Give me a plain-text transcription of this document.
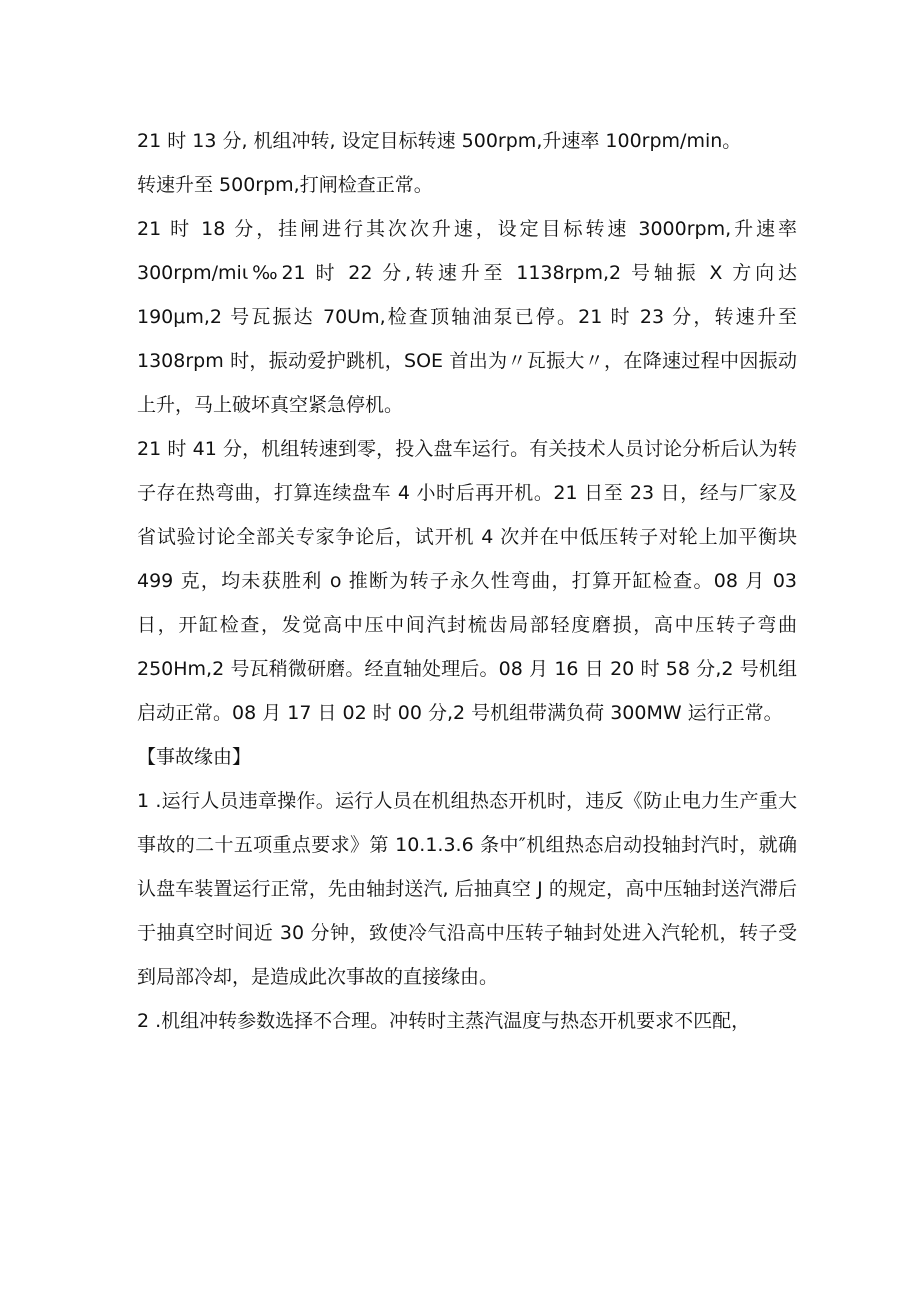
21 时 13 分, 机组冲转, 设定目标转速 500rpm,升速率 100rpm/min。

转速升至 500rpm,打闸检查正常。

21 时 18 分，挂闸进行其次次升速，设定目标转速 3000rpm,升速率 300rpm/miι‰21 时 22 分,转速升至 1138rpm,2 号轴振 X 方向达 190μm,2 号瓦振达 70Um,检查顶轴油泵已停。21 时 23 分，转速升至 1308rpm 时，振动爱护跳机，SOE 首出为〃瓦振大〃，在降速过程中因振动上升，马上破坏真空紧急停机。

21 时 41 分，机组转速到零，投入盘车运行。有关技术人员讨论分析后认为转子存在热弯曲，打算连续盘车 4 小时后再开机。21 日至 23 日，经与厂家及省试验讨论全部关专家争论后，试开机 4 次并在中低压转子对轮上加平衡块 499 克，均未获胜利 o 推断为转子永久性弯曲，打算开缸检查。08 月 03 日，开缸检查，发觉高中压中间汽封梳齿局部轻度磨损，高中压转子弯曲 250Hm,2 号瓦稍微研磨。经直轴处理后。08 月 16 日 20 时 58 分,2 号机组启动正常。08 月 17 日 02 时 00 分,2 号机组带满负荷 300MW 运行正常。

【事故缘由】

1 .运行人员违章操作。运行人员在机组热态开机时，违反《防止电力生产重大事故的二十五项重点要求》第 10.1.3.6 条中″机组热态启动投轴封汽时，就确认盘车装置运行正常，先由轴封送汽, 后抽真空 J 的规定，高中压轴封送汽滞后于抽真空时间近 30 分钟，致使冷气沿高中压转子轴封处进入汽轮机，转子受到局部冷却，是造成此次事故的直接缘由。

2 .机组冲转参数选择不合理。冲转时主蒸汽温度与热态开机要求不匹配，
